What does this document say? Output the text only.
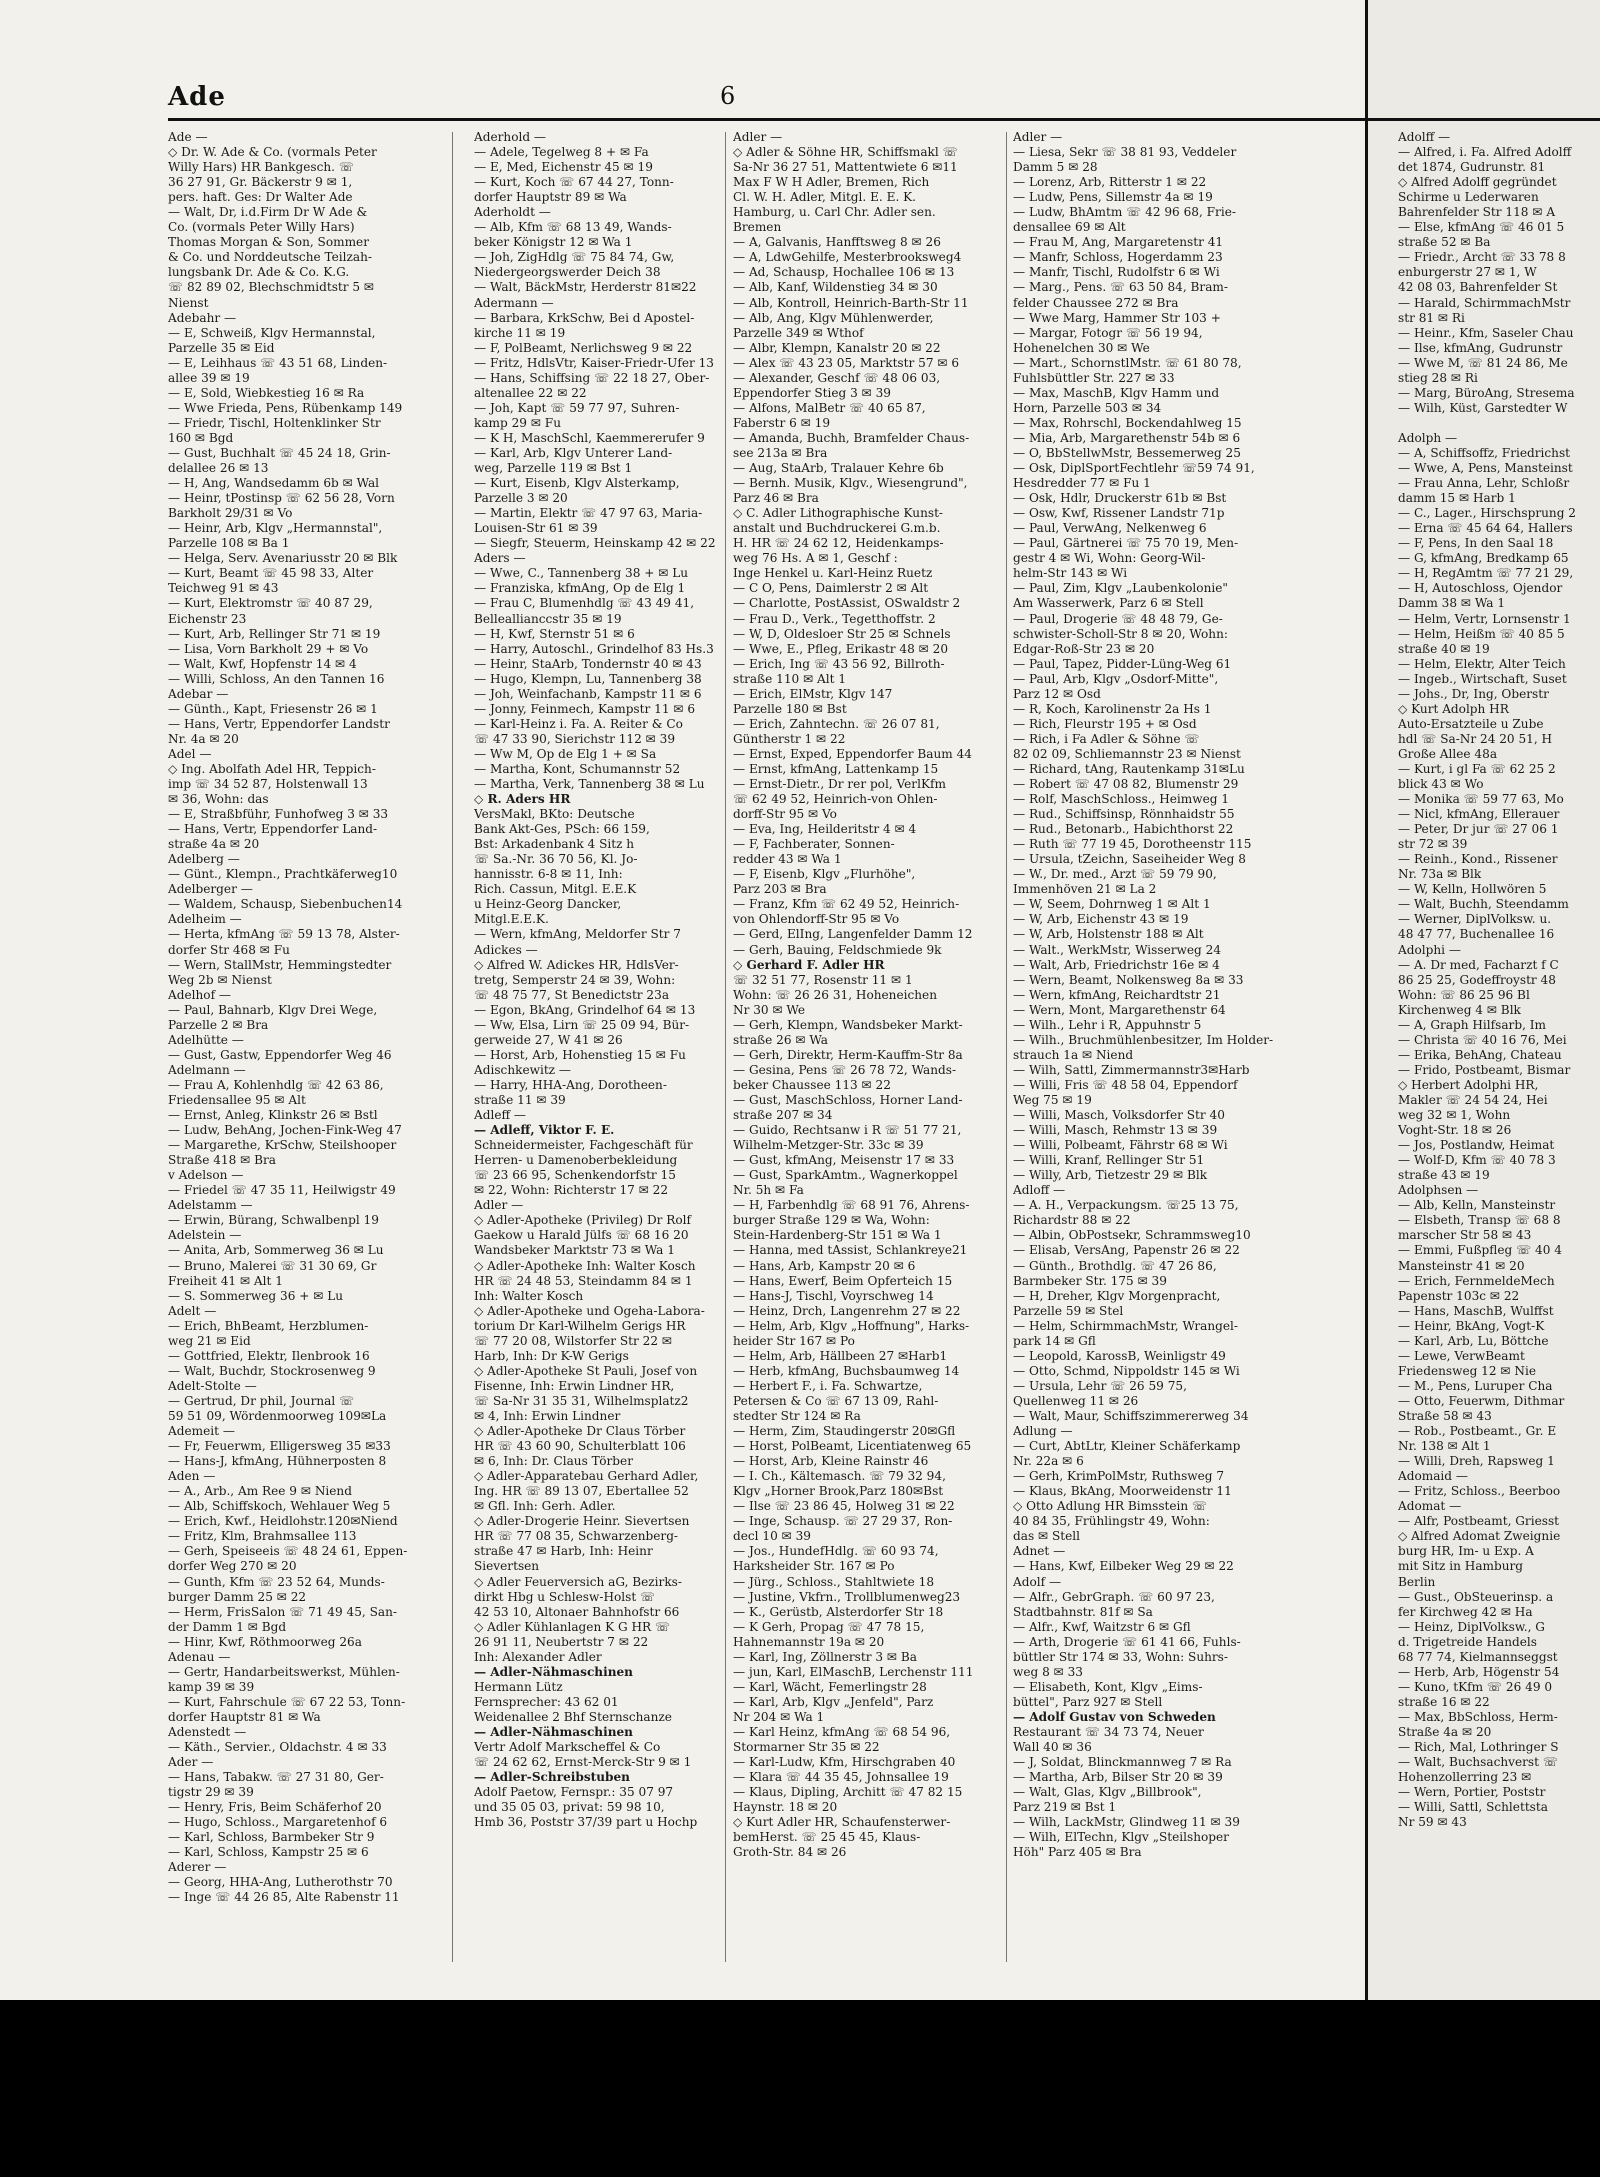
Ade	6
Ade —
◇ Dr. W. Ade & Co. (vormals Peter
Willy Hars) HR Bankgesch. ☏
36 27 91, Gr. Bäckerstr 9 ✉ 1,
pers. haft. Ges: Dr Walter Ade
— Walt, Dr, i.d.Firm Dr W Ade &
Co. (vormals Peter Willy Hars)
Thomas Morgan & Son, Sommer
& Co. und Norddeutsche Teilzah-
lungsbank Dr. Ade & Co. K.G.
☏ 82 89 02, Blechschmidtstr 5 ✉
Nienst
Adebahr —
— E, Schweiß, Klgv Hermannstal,
Parzelle 35 ✉ Eid
— E, Leihhaus ☏ 43 51 68, Linden-
allee 39 ✉ 19
— E, Sold, Wiebkestieg 16 ✉ Ra
— Wwe Frieda, Pens, Rübenkamp 149
— Friedr, Tischl, Holtenklinker Str
160 ✉ Bgd
— Gust, Buchhalt ☏ 45 24 18, Grin-
delallee 26 ✉ 13
— H, Ang, Wandsedamm 6b ✉ Wal
— Heinr, tPostinsp ☏ 62 56 28, Vorn
Barkholt 29/31 ✉ Vo
— Heinr, Arb, Klgv „Hermannstal",
Parzelle 108 ✉ Ba 1
— Helga, Serv. Avenariusstr 20 ✉ Blk
— Kurt, Beamt ☏ 45 98 33, Alter
Teichweg 91 ✉ 43
— Kurt, Elektromstr ☏ 40 87 29,
Eichenstr 23
— Kurt, Arb, Rellinger Str 71 ✉ 19
— Lisa, Vorn Barkholt 29 + ✉ Vo
— Walt, Kwf, Hopfenstr 14 ✉ 4
— Willi, Schloss, An den Tannen 16
Adebar —
— Günth., Kapt, Friesenstr 26 ✉ 1
— Hans, Vertr, Eppendorfer Landstr
Nr. 4a ✉ 20
Adel —
◇ Ing. Abolfath Adel HR, Teppich-
imp ☏ 34 52 87, Holstenwall 13
✉ 36, Wohn: das
— E, Straßbführ, Funhofweg 3 ✉ 33
— Hans, Vertr, Eppendorfer Land-
straße 4a ✉ 20
Adelberg —
— Günt., Klempn., Prachtkäferweg10
Adelberger —
— Waldem, Schausp, Siebenbuchen14
Adelheim —
— Herta, kfmAng ☏ 59 13 78, Alster-
dorfer Str 468 ✉ Fu
— Wern, StallMstr, Hemmingstedter
Weg 2b ✉ Nienst
Adelhof —
— Paul, Bahnarb, Klgv Drei Wege,
Parzelle 2 ✉ Bra
Adelhütte —
— Gust, Gastw, Eppendorfer Weg 46
Adelmann —
— Frau A, Kohlenhdlg ☏ 42 63 86,
Friedensallee 95 ✉ Alt
— Ernst, Anleg, Klinkstr 26 ✉ Bstl
— Ludw, BehAng, Jochen-Fink-Weg 47
— Margarethe, KrSchw, Steilshooper
Straße 418 ✉ Bra
v Adelson —
— Friedel ☏ 47 35 11, Heilwigstr 49
Adelstamm —
— Erwin, Bürang, Schwalbenpl 19
Adelstein —
— Anita, Arb, Sommerweg 36 ✉ Lu
— Bruno, Malerei ☏ 31 30 69, Gr
Freiheit 41 ✉ Alt 1
— S. Sommerweg 36 + ✉ Lu
Adelt —
— Erich, BhBeamt, Herzblumen-
weg 21 ✉ Eid
— Gottfried, Elektr, Ilenbrook 16
— Walt, Buchdr, Stockrosenweg 9
Adelt-Stolte —
— Gertrud, Dr phil, Journal ☏
59 51 09, Wördenmoorweg 109✉La
Ademeit —
— Fr, Feuerwm, Elligersweg 35 ✉33
— Hans-J, kfmAng, Hühnerposten 8
Aden —
— A., Arb., Am Ree 9 ✉ Niend
— Alb, Schiffskoch, Wehlauer Weg 5
— Erich, Kwf., Heidlohstr.120✉Niend
— Fritz, Klm, Brahmsallee 113
— Gerh, Speiseeis ☏ 48 24 61, Eppen-
dorfer Weg 270 ✉ 20
— Gunth, Kfm ☏ 23 52 64, Munds-
burger Damm 25 ✉ 22
— Herm, FrisSalon ☏ 71 49 45, San-
der Damm 1 ✉ Bgd
— Hinr, Kwf, Röthmoorweg 26a
Adenau —
— Gertr, Handarbeitswerkst, Mühlen-
kamp 39 ✉ 39
— Kurt, Fahrschule ☏ 67 22 53, Tonn-
dorfer Hauptstr 81 ✉ Wa
Adenstedt —
— Käth., Servier., Oldachstr. 4 ✉ 33
Ader —
— Hans, Tabakw. ☏ 27 31 80, Ger-
tigstr 29 ✉ 39
— Henry, Fris, Beim Schäferhof 20
— Hugo, Schloss., Margaretenhof 6
— Karl, Schloss, Barmbeker Str 9
— Karl, Schloss, Kampstr 25 ✉ 6
Aderer —
— Georg, HHA-Ang, Lutherothstr 70
— Inge ☏ 44 26 85, Alte Rabenstr 11
Aderhold —
— Adele, Tegelweg 8 + ✉ Fa
— E, Med, Eichenstr 45 ✉ 19
— Kurt, Koch ☏ 67 44 27, Tonn-
dorfer Hauptstr 89 ✉ Wa
Aderholdt —
— Alb, Kfm ☏ 68 13 49, Wands-
beker Königstr 12 ✉ Wa 1
— Joh, ZigHdlg ☏ 75 84 74, Gw,
Niedergeorgswerder Deich 38
— Walt, BäckMstr, Herderstr 81✉22
Adermann —
— Barbara, KrkSchw, Bei d Apostel-
kirche 11 ✉ 19
— F, PolBeamt, Nerlichsweg 9 ✉ 22
— Fritz, HdlsVtr, Kaiser-Friedr-Ufer 13
— Hans, Schiffsing ☏ 22 18 27, Ober-
altenallee 22 ✉ 22
— Joh, Kapt ☏ 59 77 97, Suhren-
kamp 29 ✉ Fu
— K H, MaschSchl, Kaemmererufer 9
— Karl, Arb, Klgv Unterer Land-
weg, Parzelle 119 ✉ Bst 1
— Kurt, Eisenb, Klgv Alsterkamp,
Parzelle 3 ✉ 20
— Martin, Elektr ☏ 47 97 63, Maria-
Louisen-Str 61 ✉ 39
— Siegfr, Steuerm, Heinskamp 42 ✉ 22
Aders —
— Wwe, C., Tannenberg 38 + ✉ Lu
— Franziska, kfmAng, Op de Elg 1
— Frau C, Blumenhdlg ☏ 43 49 41,
Belleallianccstr 35 ✉ 19
— H, Kwf, Sternstr 51 ✉ 6
— Harry, Autoschl., Grindelhof 83 Hs.3
— Heinr, StaArb, Tondernstr 40 ✉ 43
— Hugo, Klempn, Lu, Tannenberg 38
— Joh, Weinfachanb, Kampstr 11 ✉ 6
— Jonny, Feinmech, Kampstr 11 ✉ 6
— Karl-Heinz i. Fa. A. Reiter & Co
☏ 47 33 90, Sierichstr 112 ✉ 39
— Ww M, Op de Elg 1 + ✉ Sa
— Martha, Kont, Schumannstr 52
— Martha, Verk, Tannenberg 38 ✉ Lu
◇ R. Aders HR
VersMakl, BKto: Deutsche
Bank Akt-Ges, PSch: 66 159,
Bst: Arkadenbank 4 Sitz h
☏ Sa.-Nr. 36 70 56, Kl. Jo-
hannisstr. 6-8 ✉ 11, Inh:
Rich. Cassun, Mitgl. E.E.K
u Heinz-Georg Dancker,
Mitgl.E.E.K.
— Wern, kfmAng, Meldorfer Str 7
Adickes —
◇ Alfred W. Adickes HR, HdlsVer-
tretg, Semperstr 24 ✉ 39, Wohn:
☏ 48 75 77, St Benedictstr 23a
— Egon, BkAng, Grindelhof 64 ✉ 13
— Ww, Elsa, Lirn ☏ 25 09 94, Bür-
gerweide 27, W 41 ✉ 26
— Horst, Arb, Hohenstieg 15 ✉ Fu
Adischkewitz —
— Harry, HHA-Ang, Dorotheen-
straße 11 ✉ 39
Adleff —
— Adleff, Viktor F. E.
Schneidermeister, Fachgeschäft für
Herren- u Damenoberbekleidung
☏ 23 66 95, Schenkendorfstr 15
✉ 22, Wohn: Richterstr 17 ✉ 22
Adler —
◇ Adler-Apotheke (Privileg) Dr Rolf
Gaekow u Harald Jülfs ☏ 68 16 20
Wandsbeker Marktstr 73 ✉ Wa 1
◇ Adler-Apotheke Inh: Walter Kosch
HR ☏ 24 48 53, Steindamm 84 ✉ 1
Inh: Walter Kosch
◇ Adler-Apotheke und Ogeha-Labora-
torium Dr Karl-Wilhelm Gerigs HR
☏ 77 20 08, Wilstorfer Str 22 ✉
Harb, Inh: Dr K-W Gerigs
◇ Adler-Apotheke St Pauli, Josef von
Fisenne, Inh: Erwin Lindner HR,
☏ Sa-Nr 31 35 31, Wilhelmsplatz2
✉ 4, Inh: Erwin Lindner
◇ Adler-Apotheke Dr Claus Törber
HR ☏ 43 60 90, Schulterblatt 106
✉ 6, Inh: Dr. Claus Törber
◇ Adler-Apparatebau Gerhard Adler,
Ing. HR ☏ 89 13 07, Ebertallee 52
✉ Gfl. Inh: Gerh. Adler.
◇ Adler-Drogerie Heinr. Sievertsen
HR ☏ 77 08 35, Schwarzenberg-
straße 47 ✉ Harb, Inh: Heinr
Sievertsen
◇ Adler Feuerversich aG, Bezirks-
dirkt Hbg u Schlesw-Holst ☏
42 53 10, Altonaer Bahnhofstr 66
◇ Adler Kühlanlagen K G HR ☏
26 91 11, Neubertstr 7 ✉ 22
Inh: Alexander Adler
— Adler-Nähmaschinen
Hermann Lütz
Fernsprecher: 43 62 01
Weidenallee 2 Bhf Sternschanze
— Adler-Nähmaschinen
Vertr Adolf Markscheffel & Co
☏ 24 62 62, Ernst-Merck-Str 9 ✉ 1
— Adler-Schreibstuben
Adolf Paetow, Fernspr.: 35 07 97
und 35 05 03, privat: 59 98 10,
Hmb 36, Poststr 37/39 part u Hochp
Adler —
◇ Adler & Söhne HR, Schiffsmakl ☏
Sa-Nr 36 27 51, Mattentwiete 6 ✉11
Max F W H Adler, Bremen, Rich
Cl. W. H. Adler, Mitgl. E. E. K.
Hamburg, u. Carl Chr. Adler sen.
Bremen
— A, Galvanis, Hanfftsweg 8 ✉ 26
— A, LdwGehilfe, Mesterbrooksweg4
— Ad, Schausp, Hochallee 106 ✉ 13
— Alb, Kanf, Wildenstieg 34 ✉ 30
— Alb, Kontroll, Heinrich-Barth-Str 11
— Alb, Ang, Klgv Mühlenwerder,
Parzelle 349 ✉ Wthof
— Albr, Klempn, Kanalstr 20 ✉ 22
— Alex ☏ 43 23 05, Marktstr 57 ✉ 6
— Alexander, Geschf ☏ 48 06 03,
Eppendorfer Stieg 3 ✉ 39
— Alfons, MalBetr ☏ 40 65 87,
Faberstr 6 ✉ 19
— Amanda, Buchh, Bramfelder Chaus-
see 213a ✉ Bra
— Aug, StaArb, Tralauer Kehre 6b
— Bernh. Musik, Klgv., Wiesengrund",
Parz 46 ✉ Bra
◇ C. Adler Lithographische Kunst-
anstalt und Buchdruckerei G.m.b.
H. HR ☏ 24 62 12, Heidenkamps-
weg 76 Hs. A ✉ 1, Geschf :
Inge Henkel u. Karl-Heinz Ruetz
— C O, Pens, Daimlerstr 2 ✉ Alt
— Charlotte, PostAssist, OSwaldstr 2
— Frau D., Verk., Tegetthoffstr. 2
— W, D, Oldesloer Str 25 ✉ Schnels
— Wwe, E., Pfleg, Erikastr 48 ✉ 20
— Erich, Ing ☏ 43 56 92, Billroth-
straße 110 ✉ Alt 1
— Erich, ElMstr, Klgv 147
Parzelle 180 ✉ Bst
— Erich, Zahntechn. ☏ 26 07 81,
Güntherstr 1 ✉ 22
— Ernst, Exped, Eppendorfer Baum 44
— Ernst, kfmAng, Lattenkamp 15
— Ernst-Dietr., Dr rer pol, VerlKfm
☏ 62 49 52, Heinrich-von Ohlen-
dorff-Str 95 ✉ Vo
— Eva, Ing, Heilderitstr 4 ✉ 4
— F, Fachberater, Sonnen-
redder 43 ✉ Wa 1
— F, Eisenb, Klgv „Flurhöhe",
Parz 203 ✉ Bra
— Franz, Kfm ☏ 62 49 52, Heinrich-
von Ohlendorff-Str 95 ✉ Vo
— Gerd, ElIng, Langenfelder Damm 12
— Gerh, Bauing, Feldschmiede 9k
◇ Gerhard F. Adler HR
☏ 32 51 77, Rosenstr 11 ✉ 1
Wohn: ☏ 26 26 31, Hoheneichen
Nr 30 ✉ We
— Gerh, Klempn, Wandsbeker Markt-
straße 26 ✉ Wa
— Gerh, Direktr, Herm-Kauffm-Str 8a
— Gesina, Pens ☏ 26 78 72, Wands-
beker Chaussee 113 ✉ 22
— Gust, MaschSchloss, Horner Land-
straße 207 ✉ 34
— Guido, Rechtsanw i R ☏ 51 77 21,
Wilhelm-Metzger-Str. 33c ✉ 39
— Gust, kfmAng, Meisenstr 17 ✉ 33
— Gust, SparkAmtm., Wagnerkoppel
Nr. 5h ✉ Fa
— H, Farbenhdlg ☏ 68 91 76, Ahrens-
burger Straße 129 ✉ Wa, Wohn:
Stein-Hardenberg-Str 151 ✉ Wa 1
— Hanna, med tAssist, Schlankreye21
— Hans, Arb, Kampstr 20 ✉ 6
— Hans, Ewerf, Beim Opferteich 15
— Hans-J, Tischl, Voyrschweg 14
— Heinz, Drch, Langenrehm 27 ✉ 22
— Helm, Arb, Klgv „Hoffnung", Harks-
heider Str 167 ✉ Po
— Helm, Arb, Hällbeen 27 ✉Harb1
— Herb, kfmAng, Buchsbaumweg 14
— Herbert F., i. Fa. Schwartze,
Petersen & Co ☏ 67 13 09, Rahl-
stedter Str 124 ✉ Ra
— Herm, Zim, Staudingerstr 20✉Gfl
— Horst, PolBeamt, Licentiatenweg 65
— Horst, Arb, Kleine Rainstr 46
— I. Ch., Kältemasch. ☏ 79 32 94,
Klgv „Horner Brook,Parz 180✉Bst
— Ilse ☏ 23 86 45, Holweg 31 ✉ 22
— Inge, Schausp. ☏ 27 29 37, Ron-
decl 10 ✉ 39
— Jos., HundefHdlg. ☏ 60 93 74,
Harksheider Str. 167 ✉ Po
— Jürg., Schloss., Stahltwiete 18
— Justine, Vkfrn., Trollblumenweg23
— K., Gerüstb, Alsterdorfer Str 18
— K Gerh, Propag ☏ 47 78 15,
Hahnemannstr 19a ✉ 20
— Karl, Ing, Zöllnerstr 3 ✉ Ba
— jun, Karl, ElMaschB, Lerchenstr 111
— Karl, Wächt, Femerlingstr 28
— Karl, Arb, Klgv „Jenfeld", Parz
Nr 204 ✉ Wa 1
— Karl Heinz, kfmAng ☏ 68 54 96,
Stormarner Str 35 ✉ 22
— Karl-Ludw, Kfm, Hirschgraben 40
— Klara ☏ 44 35 45, Johnsallee 19
— Klaus, Dipling, Architt ☏ 47 82 15
Haynstr. 18 ✉ 20
◇ Kurt Adler HR, Schaufensterwer-
bemHerst. ☏ 25 45 45, Klaus-
Groth-Str. 84 ✉ 26
Adler —
— Liesa, Sekr ☏ 38 81 93, Veddeler
Damm 5 ✉ 28
— Lorenz, Arb, Ritterstr 1 ✉ 22
— Ludw, Pens, Sillemstr 4a ✉ 19
— Ludw, BhAmtm ☏ 42 96 68, Frie-
densallee 69 ✉ Alt
— Frau M, Ang, Margaretenstr 41
— Manfr, Schloss, Hogerdamm 23
— Manfr, Tischl, Rudolfstr 6 ✉ Wi
— Marg., Pens. ☏ 63 50 84, Bram-
felder Chaussee 272 ✉ Bra
— Wwe Marg, Hammer Str 103 +
— Margar, Fotogr ☏ 56 19 94,
Hohenelchen 30 ✉ We
— Mart., SchornstlMstr. ☏ 61 80 78,
Fuhlsbüttler Str. 227 ✉ 33
— Max, MaschB, Klgv Hamm und
Horn, Parzelle 503 ✉ 34
— Max, Rohrschl, Bockendahlweg 15
— Mia, Arb, Margarethenstr 54b ✉ 6
— O, BbStellwMstr, Bessemerweg 25
— Osk, DiplSportFechtlehr ☏59 74 91,
Hesdredder 77 ✉ Fu 1
— Osk, Hdlr, Druckerstr 61b ✉ Bst
— Osw, Kwf, Rissener Landstr 71p
— Paul, VerwAng, Nelkenweg 6
— Paul, Gärtnerei ☏ 75 70 19, Men-
gestr 4 ✉ Wi, Wohn: Georg-Wil-
helm-Str 143 ✉ Wi
— Paul, Zim, Klgv „Laubenkolonie"
Am Wasserwerk, Parz 6 ✉ Stell
— Paul, Drogerie ☏ 48 48 79, Ge-
schwister-Scholl-Str 8 ✉ 20, Wohn:
Edgar-Roß-Str 23 ✉ 20
— Paul, Tapez, Pidder-Lüng-Weg 61
— Paul, Arb, Klgv „Osdorf-Mitte",
Parz 12 ✉ Osd
— R, Koch, Karolinenstr 2a Hs 1
— Rich, Fleurstr 195 + ✉ Osd
— Rich, i Fa Adler & Söhne ☏
82 02 09, Schliemannstr 23 ✉ Nienst
— Richard, tAng, Rautenkamp 31✉Lu
— Robert ☏ 47 08 82, Blumenstr 29
— Rolf, MaschSchloss., Heimweg 1
— Rud., Schiffsinsp, Rönnhaidstr 55
— Rud., Betonarb., Habichthorst 22
— Ruth ☏ 77 19 45, Dorotheenstr 115
— Ursula, tZeichn, Saseiheider Weg 8
— W., Dr. med., Arzt ☏ 59 79 90,
Immenhöven 21 ✉ La 2
— W, Seem, Dohrnweg 1 ✉ Alt 1
— W, Arb, Eichenstr 43 ✉ 19
— W, Arb, Holstenstr 188 ✉ Alt
— Walt., WerkMstr, Wisserweg 24
— Walt, Arb, Friedrichstr 16e ✉ 4
— Wern, Beamt, Nolkensweg 8a ✉ 33
— Wern, kfmAng, Reichardtstr 21
— Wern, Mont, Margarethenstr 64
— Wilh., Lehr i R, Appuhnstr 5
— Wilh., Bruchmühlenbesitzer, Im Holder-
strauch 1a ✉ Niend
— Wilh, Sattl, Zimmermannstr3✉Harb
— Willi, Fris ☏ 48 58 04, Eppendorf
Weg 75 ✉ 19
— Willi, Masch, Volksdorfer Str 40
— Willi, Masch, Rehmstr 13 ✉ 39
— Willi, Polbeamt, Fährstr 68 ✉ Wi
— Willi, Kranf, Rellinger Str 51
— Willy, Arb, Tietzestr 29 ✉ Blk
Adloff —
— A. H., Verpackungsm. ☏25 13 75,
Richardstr 88 ✉ 22
— Albin, ObPostsekr, Schrammsweg10
— Elisab, VersAng, Papenstr 26 ✉ 22
— Günth., Brothdlg. ☏ 47 26 86,
Barmbeker Str. 175 ✉ 39
— H, Dreher, Klgv Morgenpracht,
Parzelle 59 ✉ Stel
— Helm, SchirmmachMstr, Wrangel-
park 14 ✉ Gfl
— Leopold, KarossB, Weinligstr 49
— Otto, Schmd, Nippoldstr 145 ✉ Wi
— Ursula, Lehr ☏ 26 59 75,
Quellenweg 11 ✉ 26
— Walt, Maur, Schiffszimmererweg 34
Adlung —
— Curt, AbtLtr, Kleiner Schäferkamp
Nr. 22a ✉ 6
— Gerh, KrimPolMstr, Ruthsweg 7
— Klaus, BkAng, Moorweidenstr 11
◇ Otto Adlung HR Bimsstein ☏
40 84 35, Frühlingstr 49, Wohn:
das ✉ Stell
Adnet —
— Hans, Kwf, Eilbeker Weg 29 ✉ 22
Adolf —
— Alfr., GebrGraph. ☏ 60 97 23,
Stadtbahnstr. 81f ✉ Sa
— Alfr., Kwf, Waitzstr 6 ✉ Gfl
— Arth, Drogerie ☏ 61 41 66, Fuhls-
büttler Str 174 ✉ 33, Wohn: Suhrs-
weg 8 ✉ 33
— Elisabeth, Kont, Klgv „Eims-
büttel", Parz 927 ✉ Stell
— Adolf Gustav von Schweden
Restaurant ☏ 34 73 74, Neuer
Wall 40 ✉ 36
— J, Soldat, Blinckmannweg 7 ✉ Ra
— Martha, Arb, Bilser Str 20 ✉ 39
— Walt, Glas, Klgv „Billbrook",
Parz 219 ✉ Bst 1
— Wilh, LackMstr, Glindweg 11 ✉ 39
— Wilh, ElTechn, Klgv „Steilshoper
Höh" Parz 405 ✉ Bra
Adolff —
— Alfred, i. Fa. Alfred Adolff
det 1874, Gudrunstr. 81
◇ Alfred Adolff gegründet
Schirme u Lederwaren
Bahrenfelder Str 118 ✉ A
— Else, kfmAng ☏ 46 01 5
straße 52 ✉ Ba
— Friedr., Archt ☏ 33 78 8
enburgerstr 27 ✉ 1, W
42 08 03, Bahrenfelder St
— Harald, SchirmmachMstr
str 81 ✉ Ri
— Heinr., Kfm, Saseler Chau
— Ilse, kfmAng, Gudrunstr
— Wwe M, ☏ 81 24 86, Me
stieg 28 ✉ Ri
— Marg, BüroAng, Stresema
— Wilh, Küst, Garstedter W

Adolph —
— A, Schiffsoffz, Friedrichst
— Wwe, A, Pens, Mansteinst
— Frau Anna, Lehr, Schloßr
damm 15 ✉ Harb 1
— C., Lager., Hirschsprung 2
— Erna ☏ 45 64 64, Hallers
— F, Pens, In den Saal 18
— G, kfmAng, Bredkamp 65
— H, RegAmtm ☏ 77 21 29,
— H, Autoschloss, Ojendor
Damm 38 ✉ Wa 1
— Helm, Vertr, Lornsenstr 1
— Helm, Heißm ☏ 40 85 5
straße 40 ✉ 19
— Helm, Elektr, Alter Teich
— Ingeb., Wirtschaft, Suset
— Johs., Dr, Ing, Oberstr
◇ Kurt Adolph HR
Auto-Ersatzteile u Zube
hdl ☏ Sa-Nr 24 20 51, H
Große Allee 48a
— Kurt, i gl Fa ☏ 62 25 2
blick 43 ✉ Wo
— Monika ☏ 59 77 63, Mo
— Nicl, kfmAng, Ellerauer
— Peter, Dr jur ☏ 27 06 1
str 72 ✉ 39
— Reinh., Kond., Rissener
Nr. 73a ✉ Blk
— W, Kelln, Hollwören 5
— Walt, Buchh, Steendamm
— Werner, DiplVolksw. u.
48 47 77, Buchenallee 16
Adolphi —
— A. Dr med, Facharzt f C
86 25 25, Godeffroystr 48
Wohn: ☏ 86 25 96 Bl
Kirchenweg 4 ✉ Blk
— A, Graph Hilfsarb, Im
— Christa ☏ 40 16 76, Mei
— Erika, BehAng, Chateau
— Frido, Postbeamt, Bismar
◇ Herbert Adolphi HR,
Makler ☏ 24 54 24, Hei
weg 32 ✉ 1, Wohn
Voght-Str. 18 ✉ 26
— Jos, Postlandw, Heimat
— Wolf-D, Kfm ☏ 40 78 3
straße 43 ✉ 19
Adolphsen —
— Alb, Kelln, Mansteinstr
— Elsbeth, Transp ☏ 68 8
marscher Str 58 ✉ 43
— Emmi, Fußpfleg ☏ 40 4
Mansteinstr 41 ✉ 20
— Erich, FernmeldeMech
Papenstr 103c ✉ 22
— Hans, MaschB, Wulffst
— Heinr, BkAng, Vogt-K
— Karl, Arb, Lu, Böttche
— Lewe, VerwBeamt
Friedensweg 12 ✉ Nie
— M., Pens, Luruper Cha
— Otto, Feuerwm, Dithmar
Straße 58 ✉ 43
— Rob., Postbeamt., Gr. E
Nr. 138 ✉ Alt 1
— Willi, Dreh, Rapsweg 1
Adomaid —
— Fritz, Schloss., Beerboo
Adomat —
— Alfr, Postbeamt, Griesst
◇ Alfred Adomat Zweignie
burg HR, Im- u Exp. A
mit Sitz in Hamburg
Berlin
— Gust., ObSteuerinsp. a
fer Kirchweg 42 ✉ Ha
— Heinz, DiplVolksw., G
d. Trigetreide Handels
68 77 74, Kielmannseggst
— Herb, Arb, Högenstr 54
— Kuno, tKfm ☏ 26 49 0
straße 16 ✉ 22
— Max, BbSchloss, Herm-
Straße 4a ✉ 20
— Rich, Mal, Lothringer S
— Walt, Buchsachverst ☏
Hohenzollerring 23 ✉
— Wern, Portier, Poststr
— Willi, Sattl, Schlettsta
Nr 59 ✉ 43
